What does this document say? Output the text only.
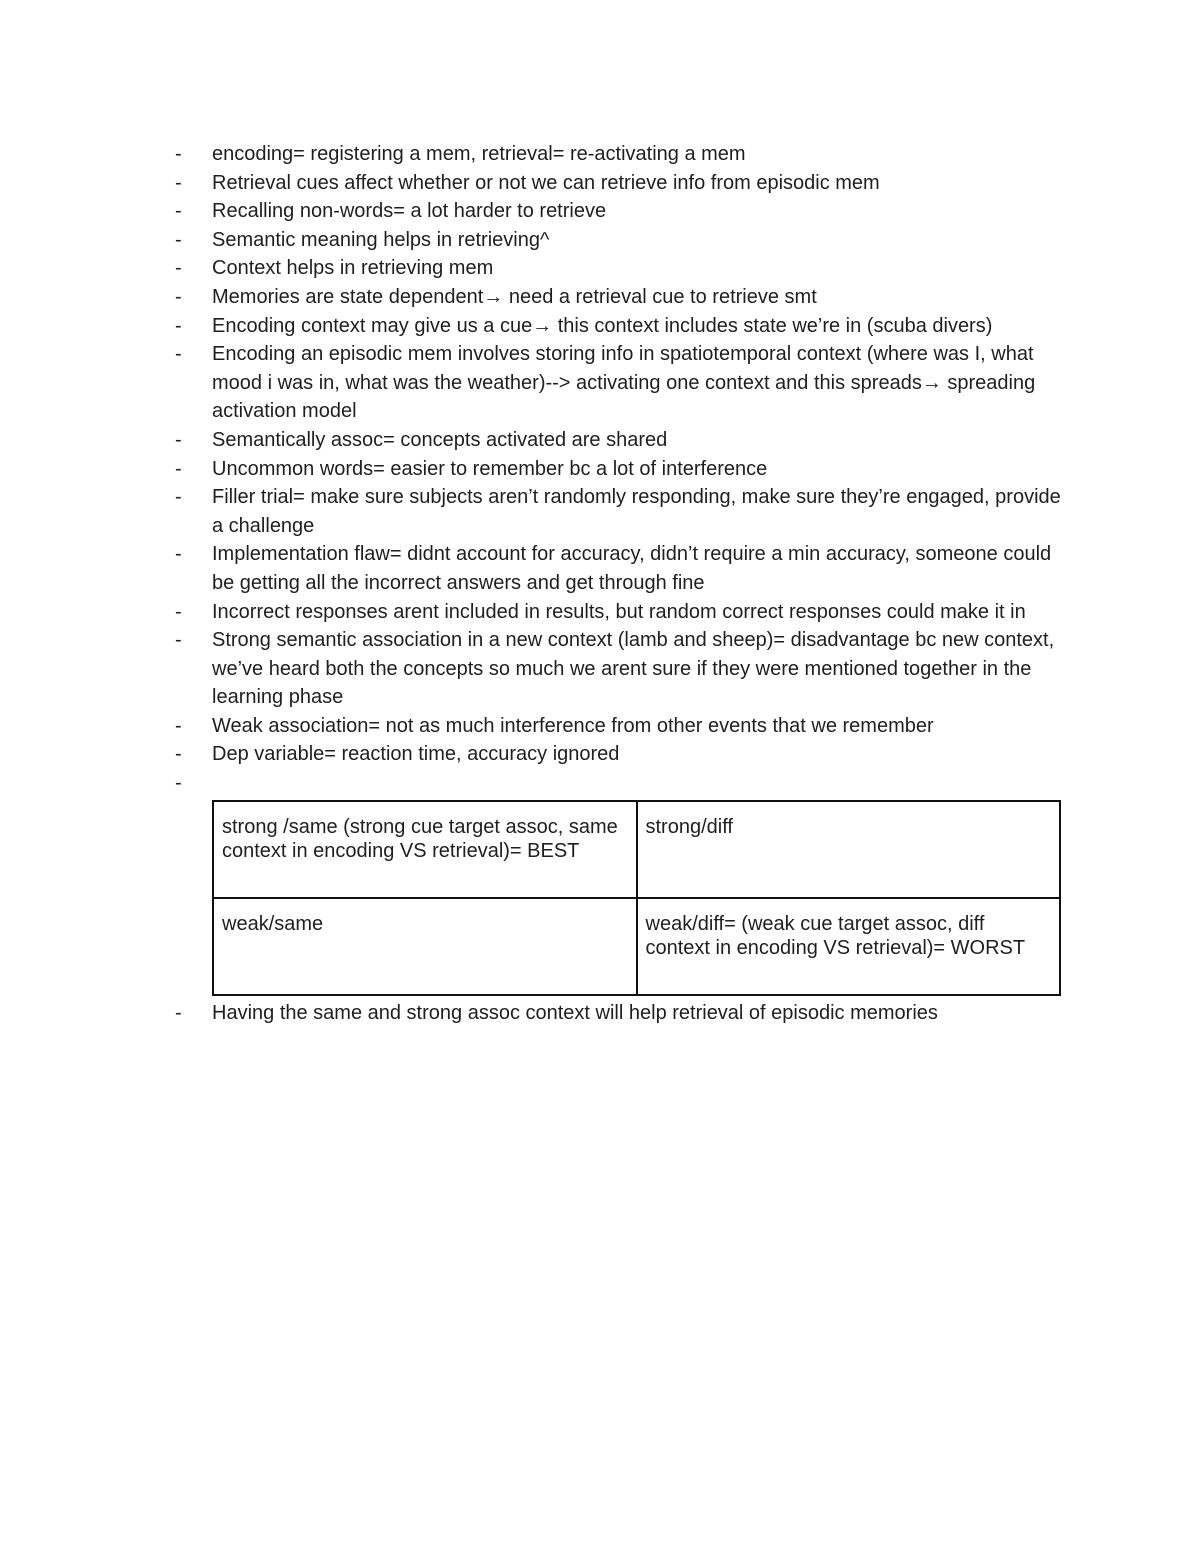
-	encoding= registering a mem, retrieval= re-activating a mem
-	Retrieval cues affect whether or not we can retrieve info from episodic mem
-	Recalling non-words= a lot harder to retrieve
-	Semantic meaning helps in retrieving^
-	Context helps in retrieving mem
-	Memories are state dependent→ need a retrieval cue to retrieve smt
-	Encoding context may give us a cue→ this context includes state we’re in (scuba divers)
-	Encoding an episodic mem involves storing info in spatiotemporal context (where was I, what mood i was in, what was the weather)--> activating one context and this spreads→ spreading activation model
-	Semantically assoc= concepts activated are shared
-	Uncommon words= easier to remember bc a lot of interference
-	Filler trial= make sure subjects aren’t randomly responding, make sure they’re engaged, provide a challenge
-	Implementation flaw= didnt account for accuracy, didn’t require a min accuracy, someone could be getting all the incorrect answers and get through fine
-	Incorrect responses arent included in results, but random correct responses could make it in
-	Strong semantic association in a new context (lamb and sheep)= disadvantage bc new context, we’ve heard both the concepts so much we arent sure if they were mentioned together in the learning phase
-	Weak association= not as much interference from other events that we remember
-	Dep variable= reaction time, accuracy ignored
-
strong /same (strong cue target assoc, same context in encoding VS retrieval)= BEST	strong/diff
weak/same	weak/diff= (weak cue target assoc, diff context in encoding VS retrieval)= WORST
-	Having the same and strong assoc context will help retrieval of episodic memories
